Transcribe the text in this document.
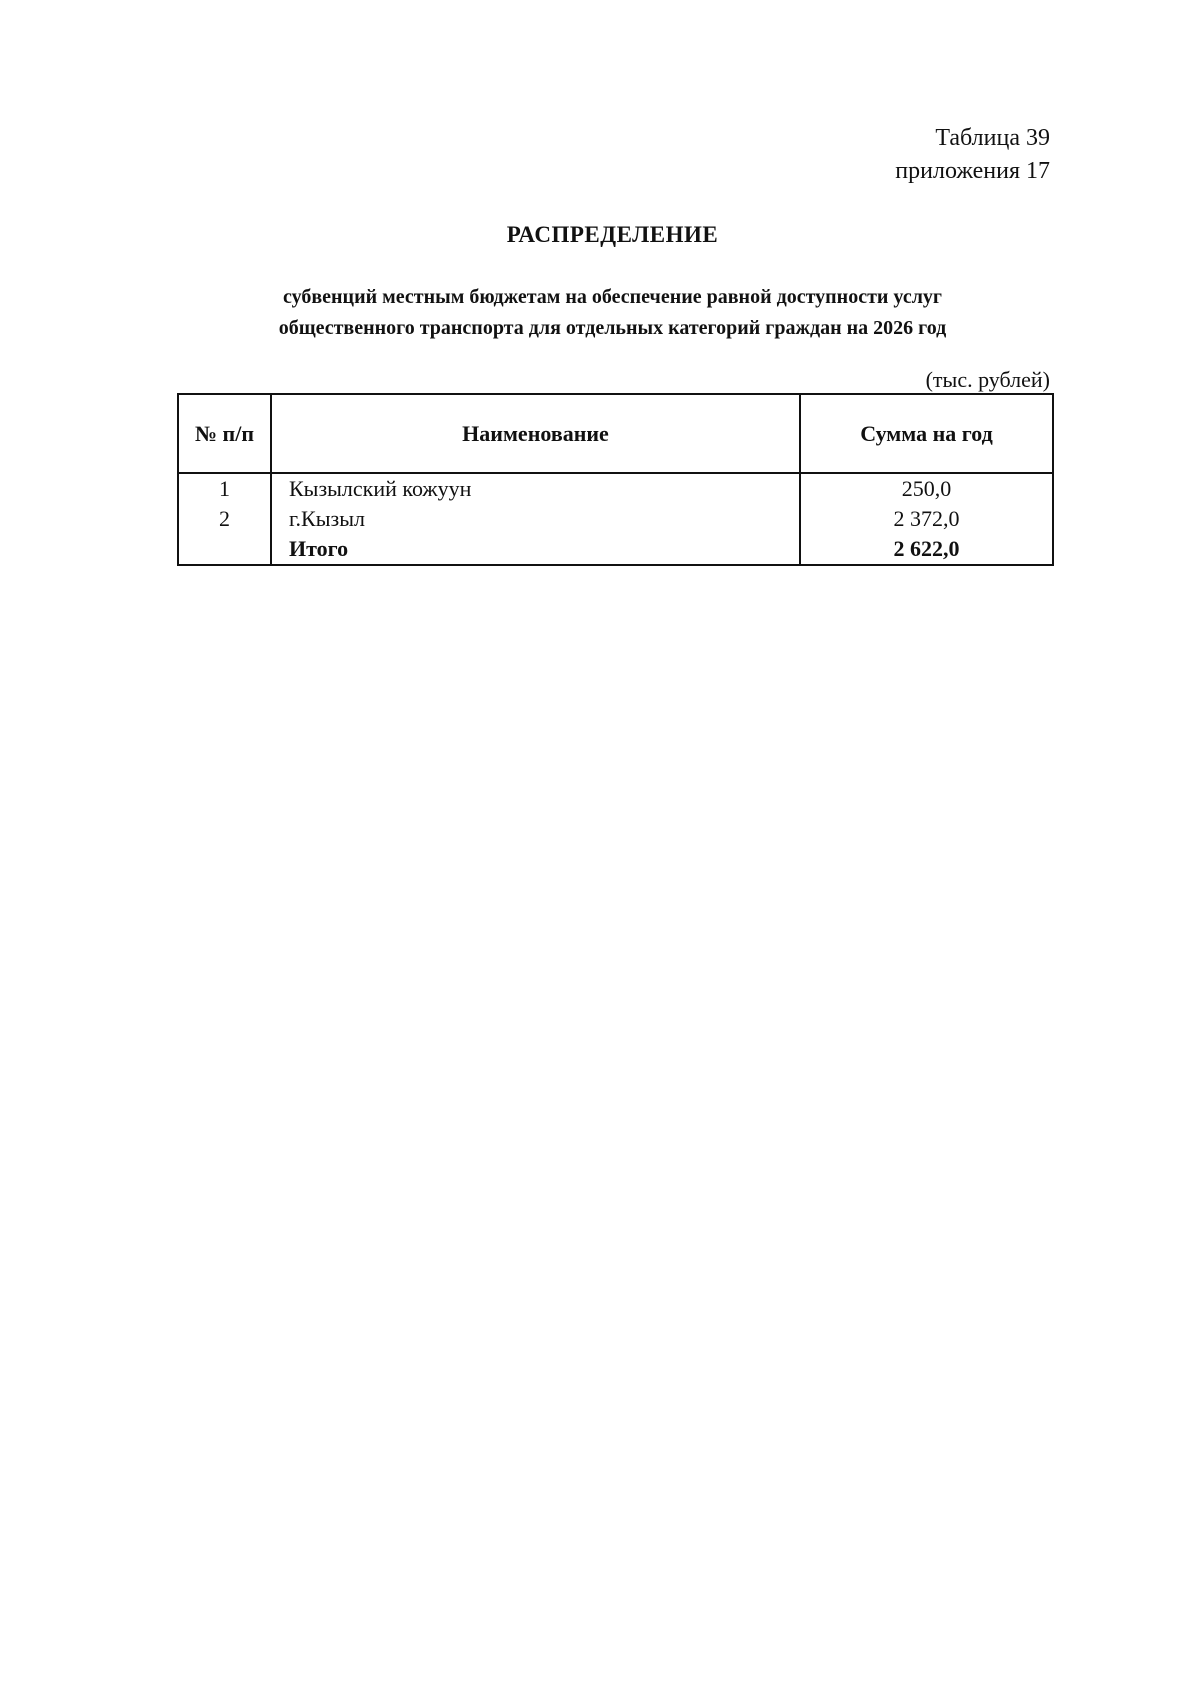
Таблица 39
приложения 17
РАСПРЕДЕЛЕНИЕ
субвенций местным бюджетам на обеспечение равной доступности услуг
общественного транспорта для отдельных категорий граждан на 2026 год
(тыс. рублей)
№ п/п	Наименование	Сумма на год
1	Кызылский кожуун	250,0
2	г.Кызыл	2 372,0
	Итого	2 622,0
